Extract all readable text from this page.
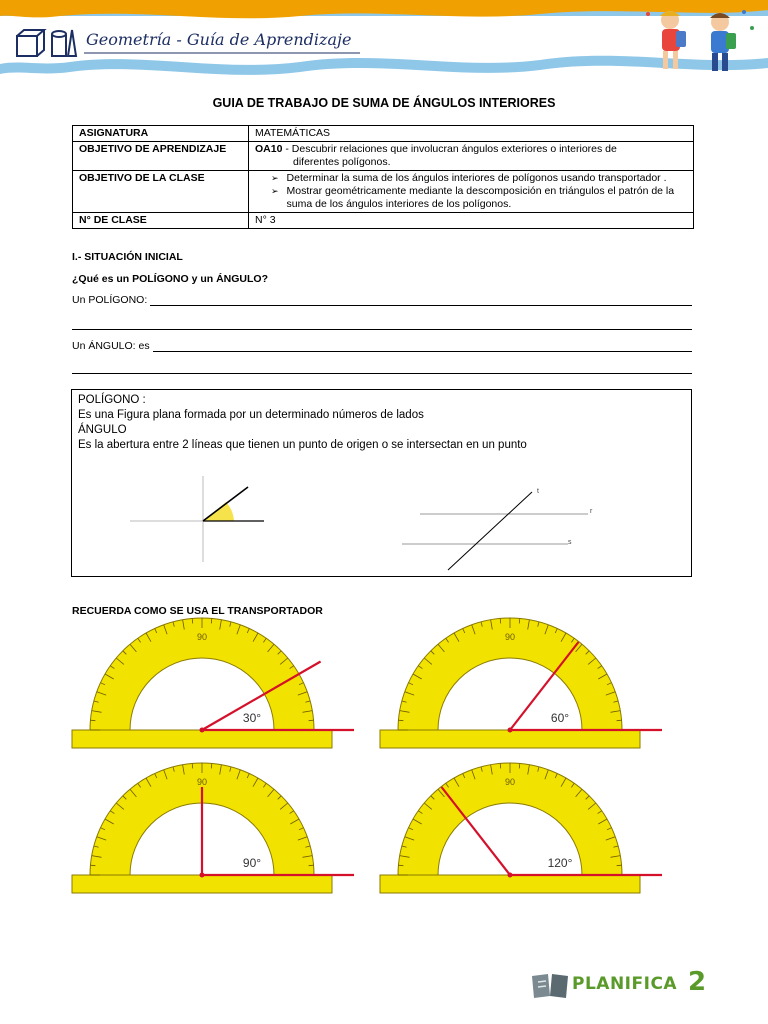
Geometría - Guía de Aprendizaje
GUIA DE TRABAJO DE SUMA DE ÁNGULOS INTERIORES
ASIGNATURA	MATEMÁTICAS
OBJETIVO DE APRENDIZAJE	OA10 - Descubrir relaciones que involucran ángulos exteriores o interiores de
diferentes polígonos.

OBJETIVO DE LA CLASE	➢ Determinar la suma de los ángulos interiores de polígonos usando transportador .
➢ Mostrar geométricamente mediante la descomposición en triángulos el patrón de la suma de los ángulos interiores de los polígonos.

N° DE CLASE	N° 3
I.- SITUACIÓN INICIAL
¿Qué es un POLÍGONO y un ÁNGULO?
Un POLÍGONO:
Un ÁNGULO: es
POLÍGONO :
Es una Figura plana formada por un determinado números de lados
ÁNGULO
Es la abertura entre 2 líneas que tienen un punto de origen o se intersectan en un punto
t
r
s
RECUERDA COMO SE USA EL TRANSPORTADOR
90
30°
90
60°
90
90°
90
120°
PLANIFICA 2
